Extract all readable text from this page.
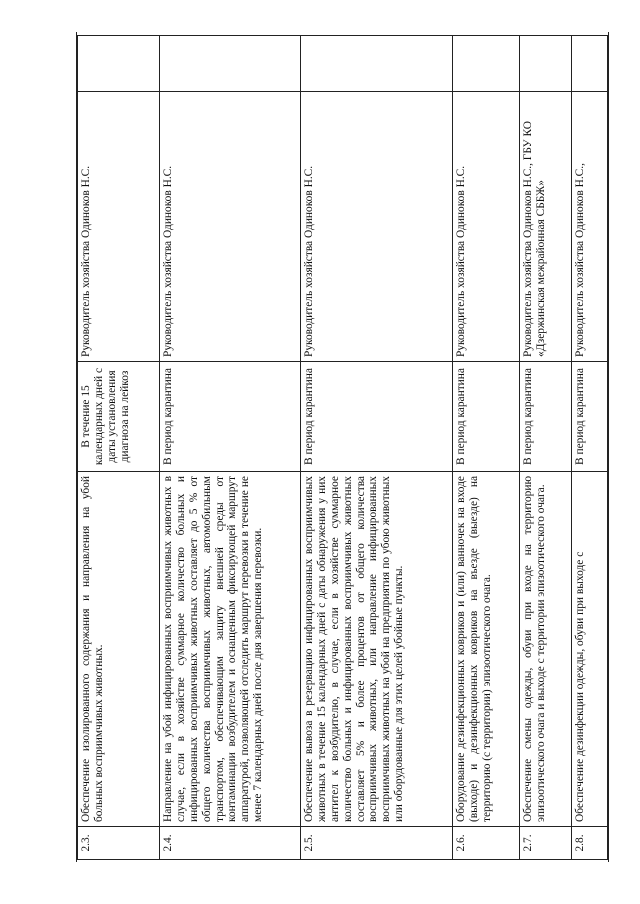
2.3.	Обеспечение изолированного содержания и направления на убой больных восприимчивых животных.	В течение 15 календарных дней с даты установления диагноза на лейкоз	Руководитель хозяйства Одиноков Н.С.	
2.4.	Направление на убой инфицированных восприимчивых животных в случае, если в хозяйстве суммарное количество больных и инфицированных восприимчивых животных составляет до 5 % от общего количества восприимчивых животных, автомобильным транспортом, обеспечивающим защиту внешней среды от контаминации возбудителем и оснащенным фиксирующей маршрут аппаратурой, позволяющей отследить маршрут перевозки в течение не менее 7 календарных дней после дня завершения перевозки.	В период карантина	Руководитель хозяйства Одиноков Н.С.	
2.5.	Обеспечение вывоза в резервацию инфицированных восприимчивых животных в течение 15 календарных дней с даты обнаружения у них антител к возбудителю, в случае, если в хозяйстве суммарное количество больных и инфицированных восприимчивых животных составляет 5% и более процентов от общего количества восприимчивых животных, или направление инфицированных восприимчивых животных на убой на предприятия по убою животных или оборудованные для этих целей убойные пункты.	В период карантина	Руководитель хозяйства Одиноков Н.С.	
2.6.	Оборудование дезинфекционных ковриков и (или) ванночек на входе (выходе) и дезинфекционных ковриков на въезде (выезде) на территорию (с территории) эпизоотического очага.	В период карантина	Руководитель хозяйства Одиноков Н.С.	
2.7.	Обеспечение смены одежды, обуви при входе на территорию эпизоотического очага и выходе с территории эпизоотического очага.	В период карантина	Руководитель хозяйства Одиноков Н.С., ГБУ КО «Дзержинская межрайонная СББЖ»	
2.8.	Обеспечение дезинфекции одежды, обуви при выходе с	В период карантина	Руководитель хозяйства Одиноков Н.С.,	
